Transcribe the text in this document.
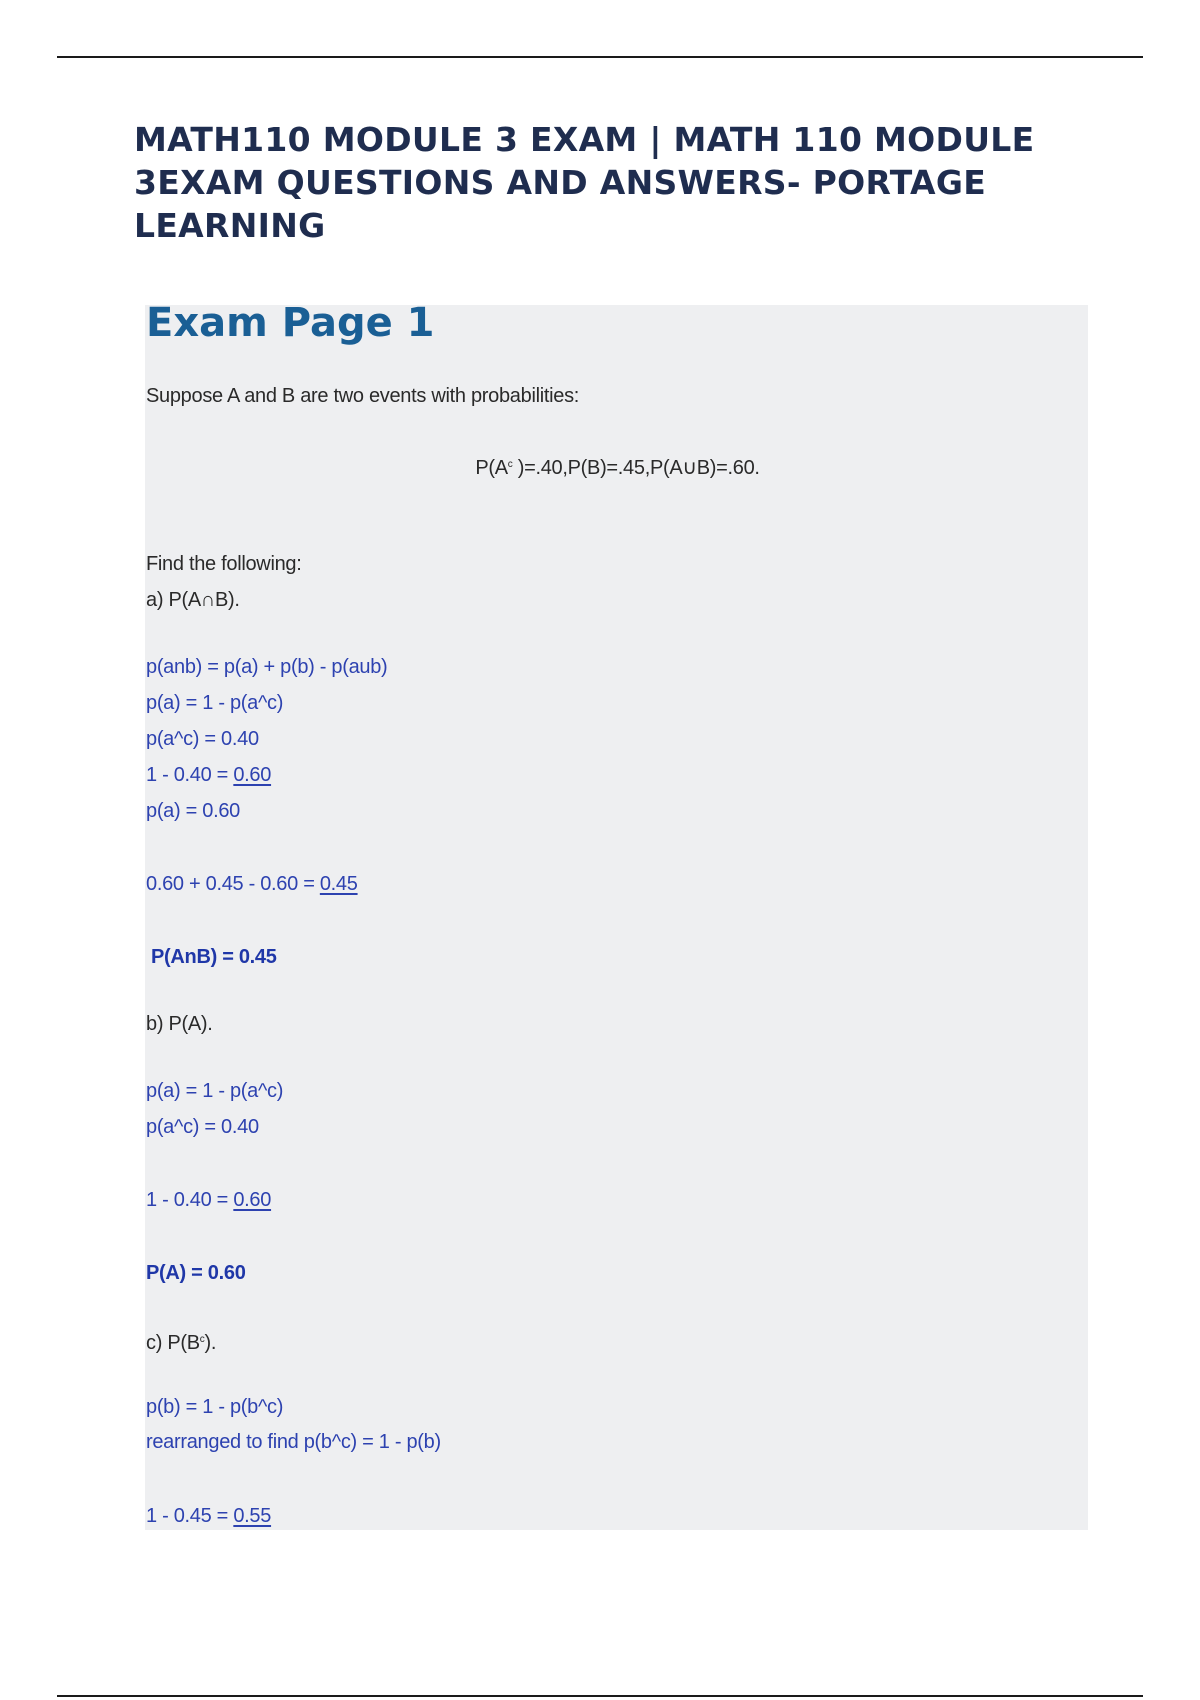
MATH110 MODULE 3 EXAM | MATH 110 MODULE
3EXAM QUESTIONS AND ANSWERS- PORTAGE LEARNING
Exam Page 1

Suppose A and B are two events with probabilities:

$P(A^c$ )=.40,P(B)=.45,P(A∪B)=.60.

Find the following:

a) P(A∩B).

p(anb) = p(a) + p(b) - p(aub)

p(a) = 1 - p(a^c)

p(a^c) = 0.40

1 - 0.40 = 0.60

p(a) = 0.60

0.60 + 0.45 - 0.60 = 0.45

P(AnB) = 0.45

b) P(A).

p(a) = 1 - p(a^c)

p(a^c) = 0.40

1 - 0.40 = 0.60

P(A) = 0.60

c) $P(B^c)$.

p(b) = 1 - p(b^c)

rearranged to find p(b^c) = 1 - p(b)

1 - 0.45 = 0.55
